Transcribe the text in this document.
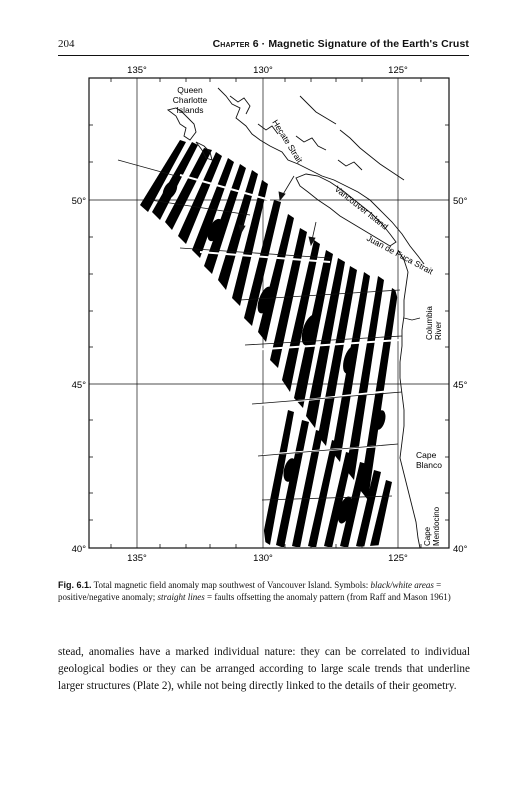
204	Chapter 6 · Magnetic Signature of the Earth's Crust
135°	130°	125°
135°	130°	125°
50°
45°
40°
50°
45°
40°
Queen
Charlotte
Islands
Hecate Strait
Vancouver Island
Juan de Fuca Strait
Columbia River
Cape
Blanco
Cape Mendocino
Fig. 6.1. Total magnetic field anomaly map southwest of Vancouver Island. Symbols: black/white areas = positive/negative anomaly; straight lines = faults offsetting the anomaly pattern (from Raff and Mason 1961)
stead, anomalies have a marked individual nature: they can be correlated to individual geological bodies or they can be arranged according to large scale trends that underline larger structures (Plate 2), while not being directly linked to the details of their geometry.
